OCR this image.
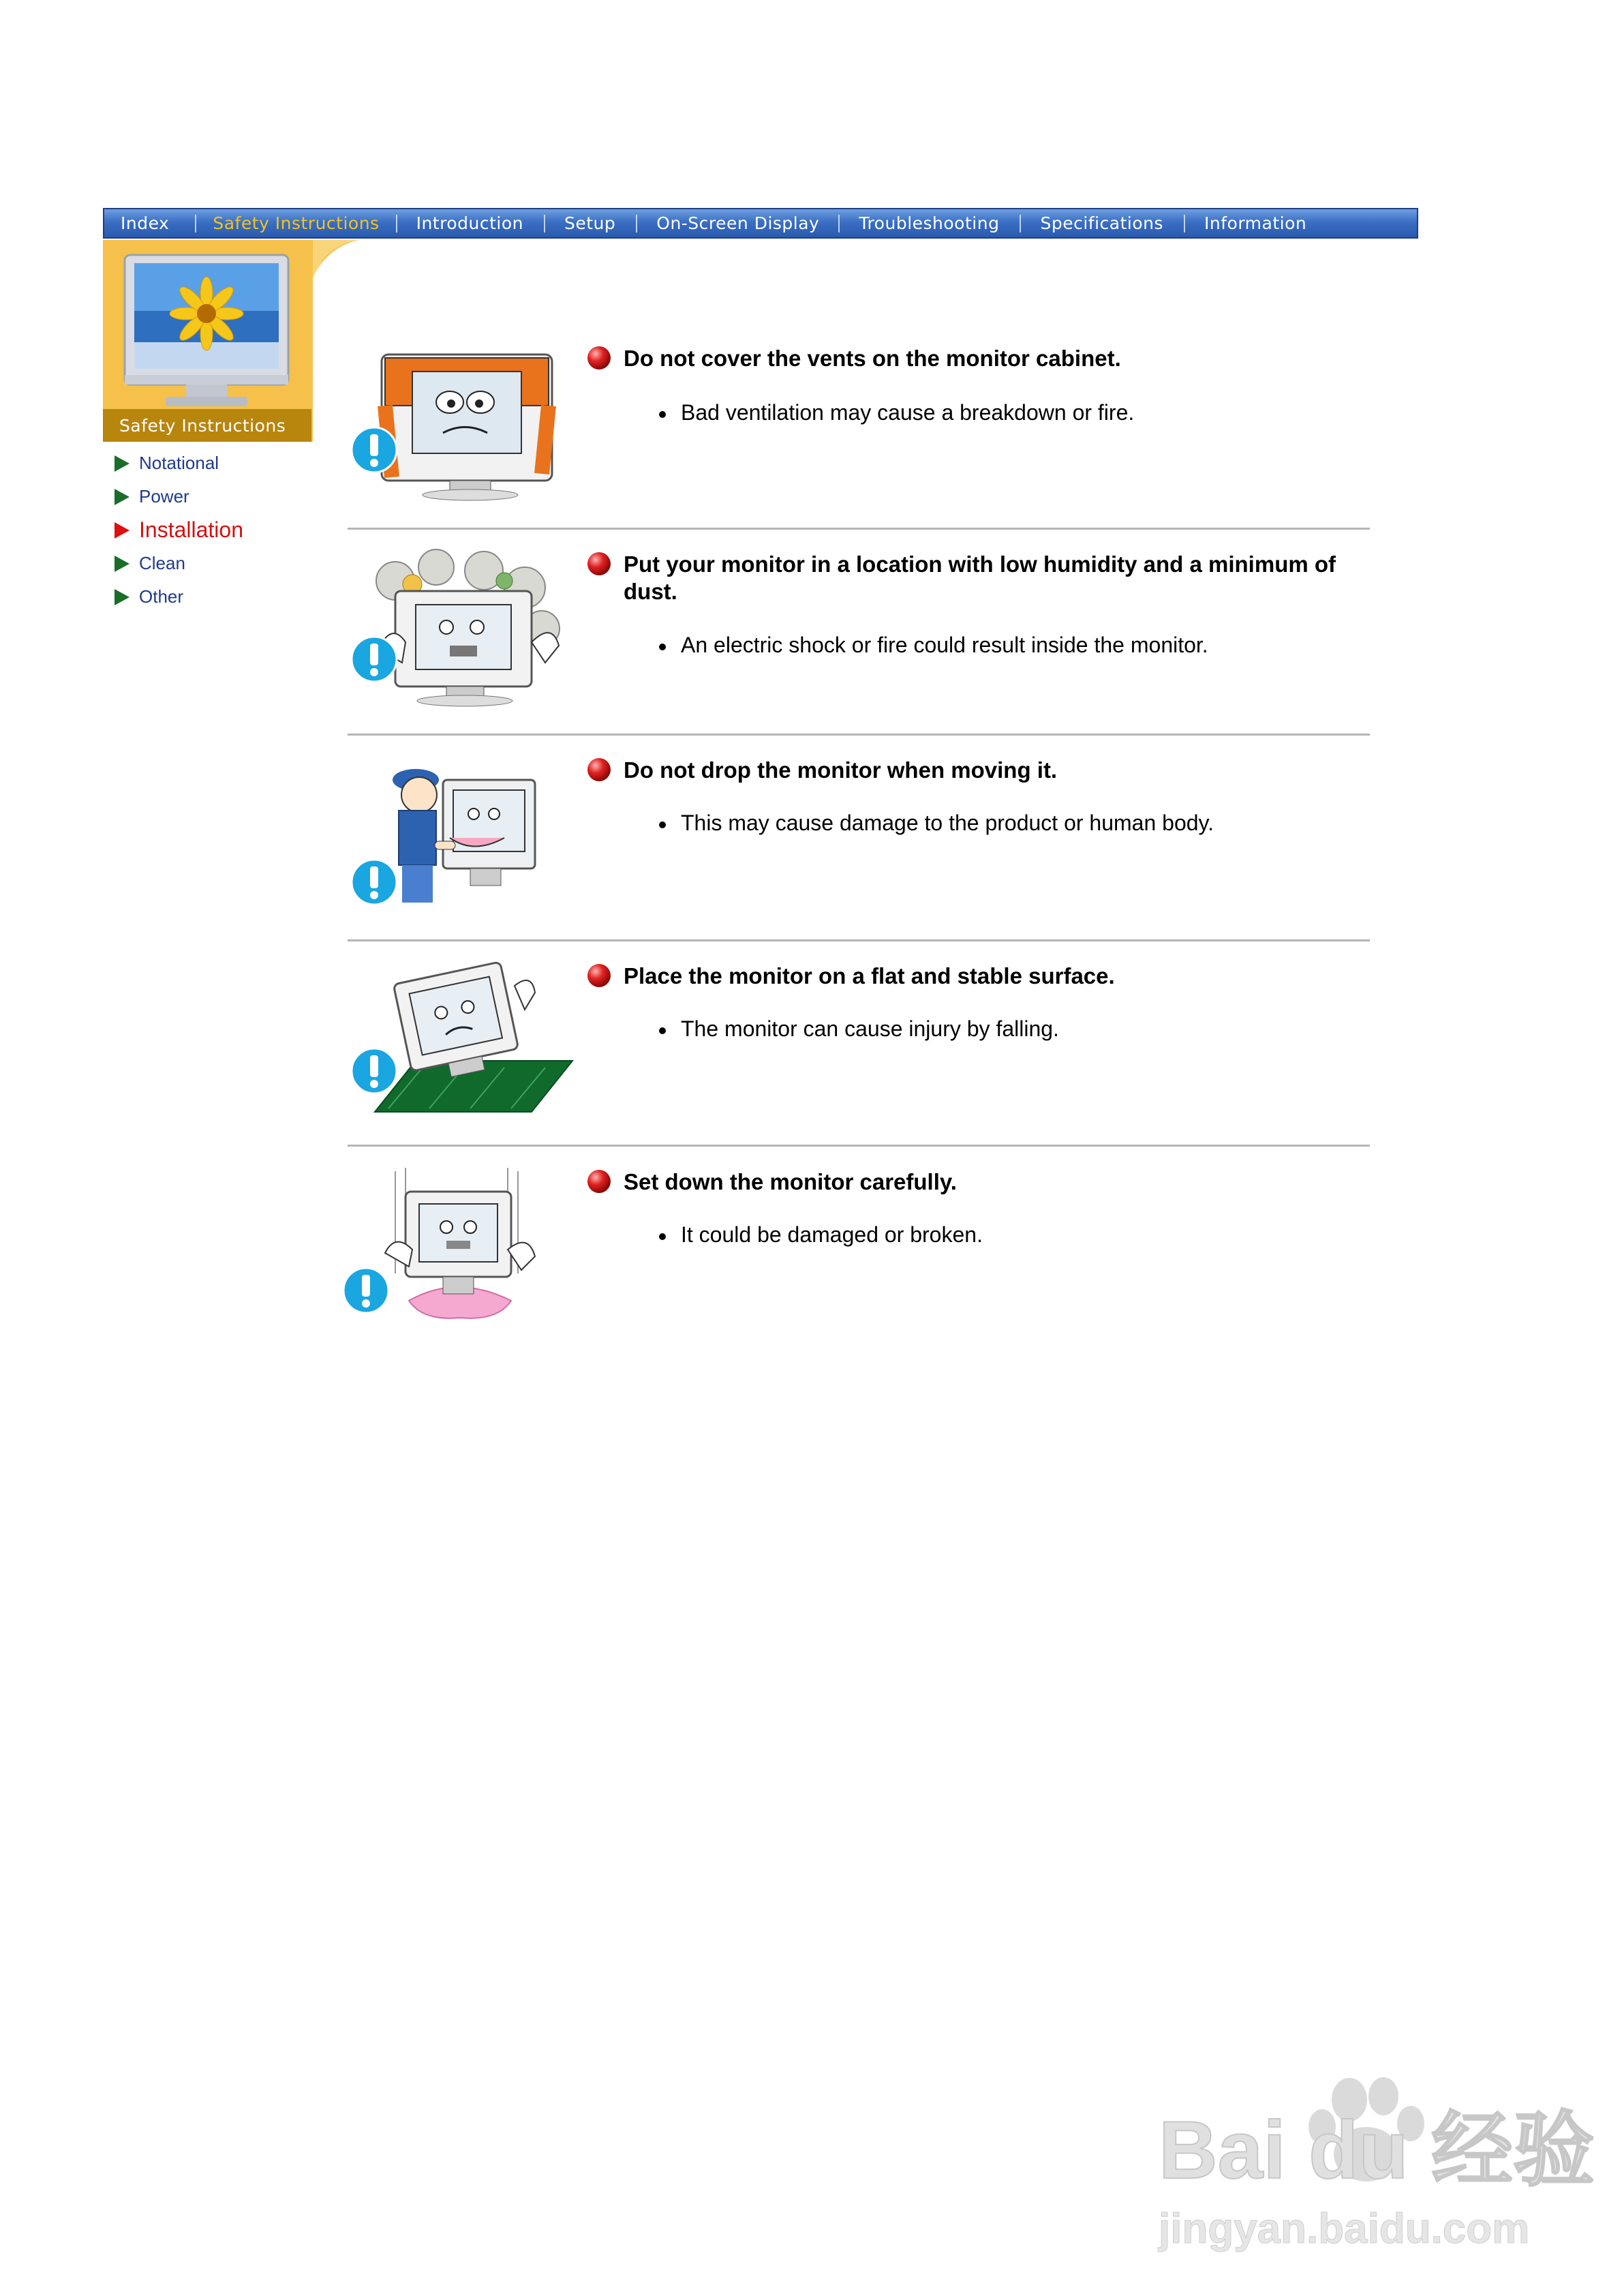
Index	Safety Instructions Introduction Setup On-Screen Display Troubleshooting Specifications Information
Safety Instructions
Notational
Power
Installation
Clean
Other
Do not cover the vents on the monitor cabinet.
Bad ventilation may cause a breakdown or fire.
Put your monitor in a location with low humidity and a minimum of dust.
An electric shock or fire could result inside the monitor.
Do not drop the monitor when moving it.
This may cause damage to the product or human body.
Place the monitor on a flat and stable surface.
The monitor can cause injury by falling.
Set down the monitor carefully.
It could be damaged or broken.
Bai du 经验
jingyan.baidu.com
